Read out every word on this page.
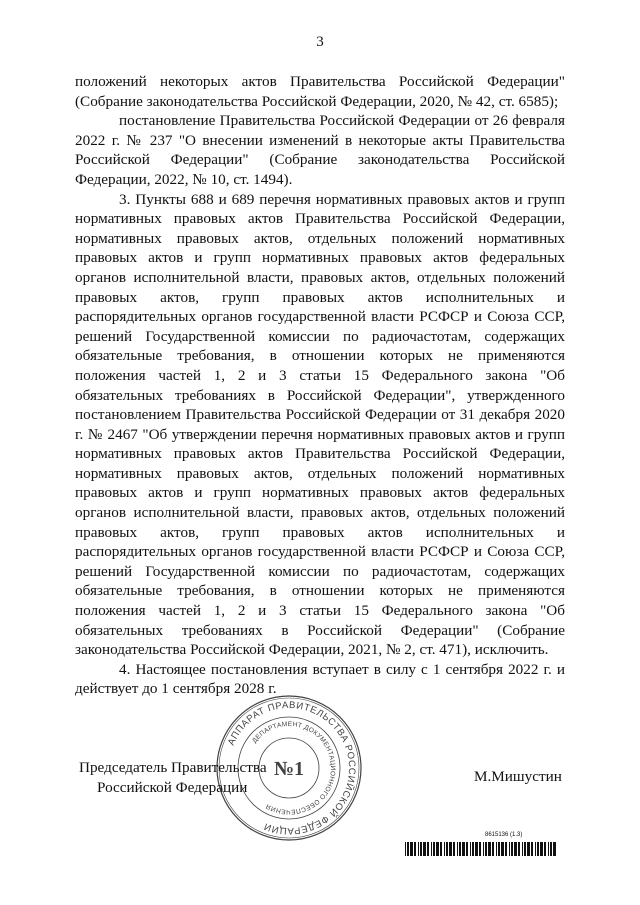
3

положений некоторых актов Правительства Российской Федерации" (Собрание законодательства Российской Федерации, 2020, № 42, ст. 6585);

постановление Правительства Российской Федерации от 26 февраля 2022 г. № 237 "О внесении изменений в некоторые акты Правительства Российской Федерации" (Собрание законодательства Российской Федерации, 2022, № 10, ст. 1494).

3. Пункты 688 и 689 перечня нормативных правовых актов и групп нормативных правовых актов Правительства Российской Федерации, нормативных правовых актов, отдельных положений нормативных правовых актов и групп нормативных правовых актов федеральных органов исполнительной власти, правовых актов, отдельных положений правовых актов, групп правовых актов исполнительных и распорядительных органов государственной власти РСФСР и Союза ССР, решений Государственной комиссии по радиочастотам, содержащих обязательные требования, в отношении которых не применяются положения частей 1, 2 и 3 статьи 15 Федерального закона "Об обязательных требованиях в Российской Федерации", утвержденного постановлением Правительства Российской Федерации от 31 декабря 2020 г. № 2467 "Об утверждении перечня нормативных правовых актов и групп нормативных правовых актов Правительства Российской Федерации, нормативных правовых актов, отдельных положений нормативных правовых актов и групп нормативных правовых актов федеральных органов исполнительной власти, правовых актов, отдельных положений правовых актов, групп правовых актов исполнительных и распорядительных органов государственной власти РСФСР и Союза ССР, решений Государственной комиссии по радиочастотам, содержащих обязательные требования, в отношении которых не применяются положения частей 1, 2 и 3 статьи 15 Федерального закона "Об обязательных требованиях в Российской Федерации" (Собрание законодательства Российской Федерации, 2021, № 2, ст. 471), исключить.

4. Настоящее постановления вступает в силу с 1 сентября 2022 г. и действует до 1 сентября 2028 г.

Председатель Правительства
Российской Федерации
АППАРАТ ПРАВИТЕЛЬСТВА РОССИЙСКОЙ ФЕДЕРАЦИИ
ДЕПАРТАМЕНТ ДОКУМЕНТАЦИОННОГО ОБЕСПЕЧЕНИЯ
№1	М.Мишустин
8615136 (1.3)
